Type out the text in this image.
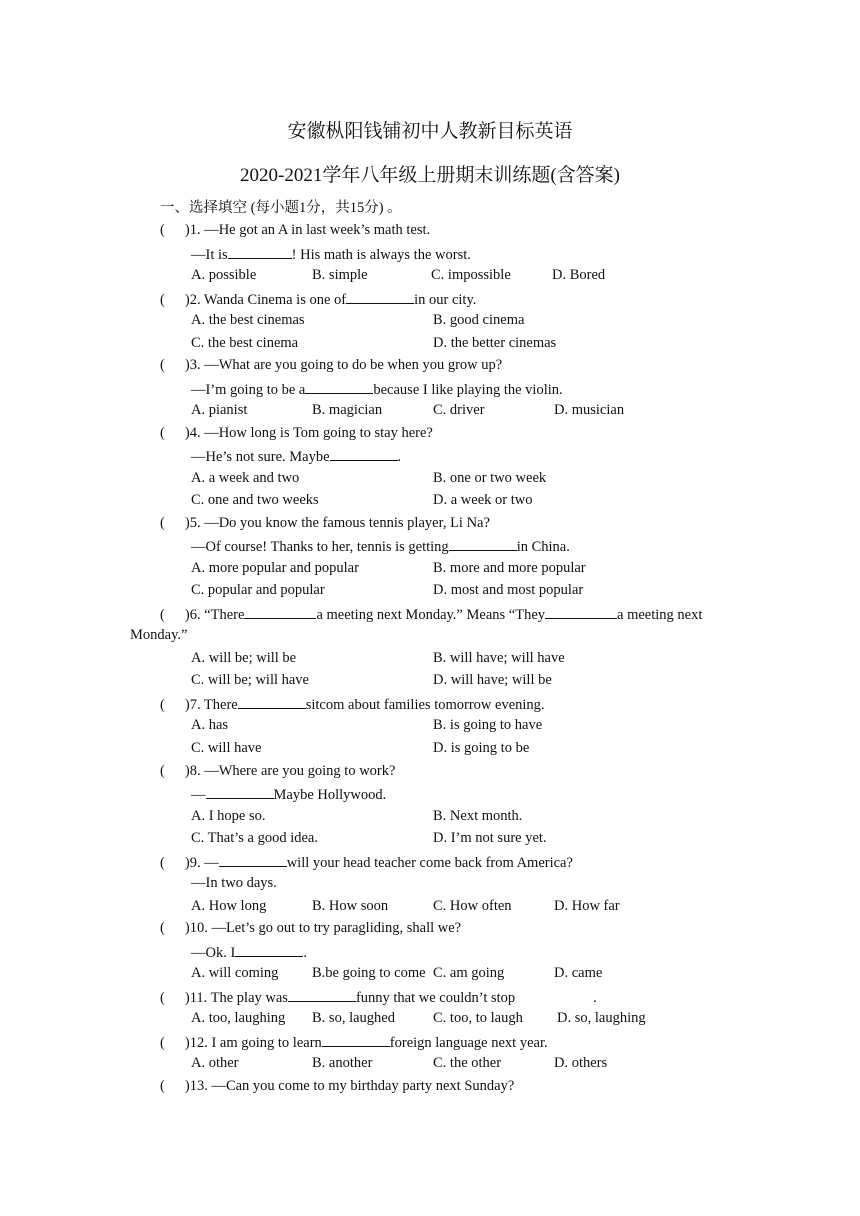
安徽枞阳钱铺初中人教新目标英语
2020-2021学年八年级上册期末训练题(含答案)
一、选择填空 (每小题1分，共15分) 。
( )1. —He got an A in last week’s math test.
—It is	! His math is always the worst.
A. possible	B. simple	C. impossible	D. Bored
( )2. Wanda Cinema is one of	in our city.
A. the best cinemas	B. good cinema
C. the best cinema	D. the better cinemas
( )3. —What are you going to do be when you grow up?
—I’m going to be a	because I like playing the violin.
A. pianist	B. magician	C. driver	D. musician
( )4. —How long is Tom going to stay here?
—He’s not sure. Maybe	.
A. a week and two	B. one or two week
C. one and two weeks	D. a week or two
( )5. —Do you know the famous tennis player, Li Na?
—Of course! Thanks to her, tennis is getting	in China.
A. more popular and popular	B. more and more popular
C. popular and popular	D. most and most popular
( )6. “There	a meeting next Monday.” Means “They	a meeting next
Monday.”
A. will be; will be	B. will have; will have
C. will be; will have	D. will have; will be
( )7. There	sitcom about families tomorrow evening.
A. has	B. is going to have
C. will have	D. is going to be
( )8. —Where are you going to work?
—	Maybe Hollywood.
A. I hope so.	B. Next month.
C. That’s a good idea.	D. I’m not sure yet.
( )9. —	will your head teacher come back from America?
—In two days.
A. How long	B. How soon	C. How often	D. How far
( )10. —Let’s go out to try paragliding, shall we?
—Ok. I	.
A. will coming B.be going to come C. am going	D. came
( )11. The play was	funny that we couldn’t stop	.
A. too, laughing B. so, laughed	C. too, to laugh D. so, laughing
( )12. I am going to learn	foreign language next year.
A. other	B. another	C. the other	D. others
( )13. —Can you come to my birthday party next Sunday?
